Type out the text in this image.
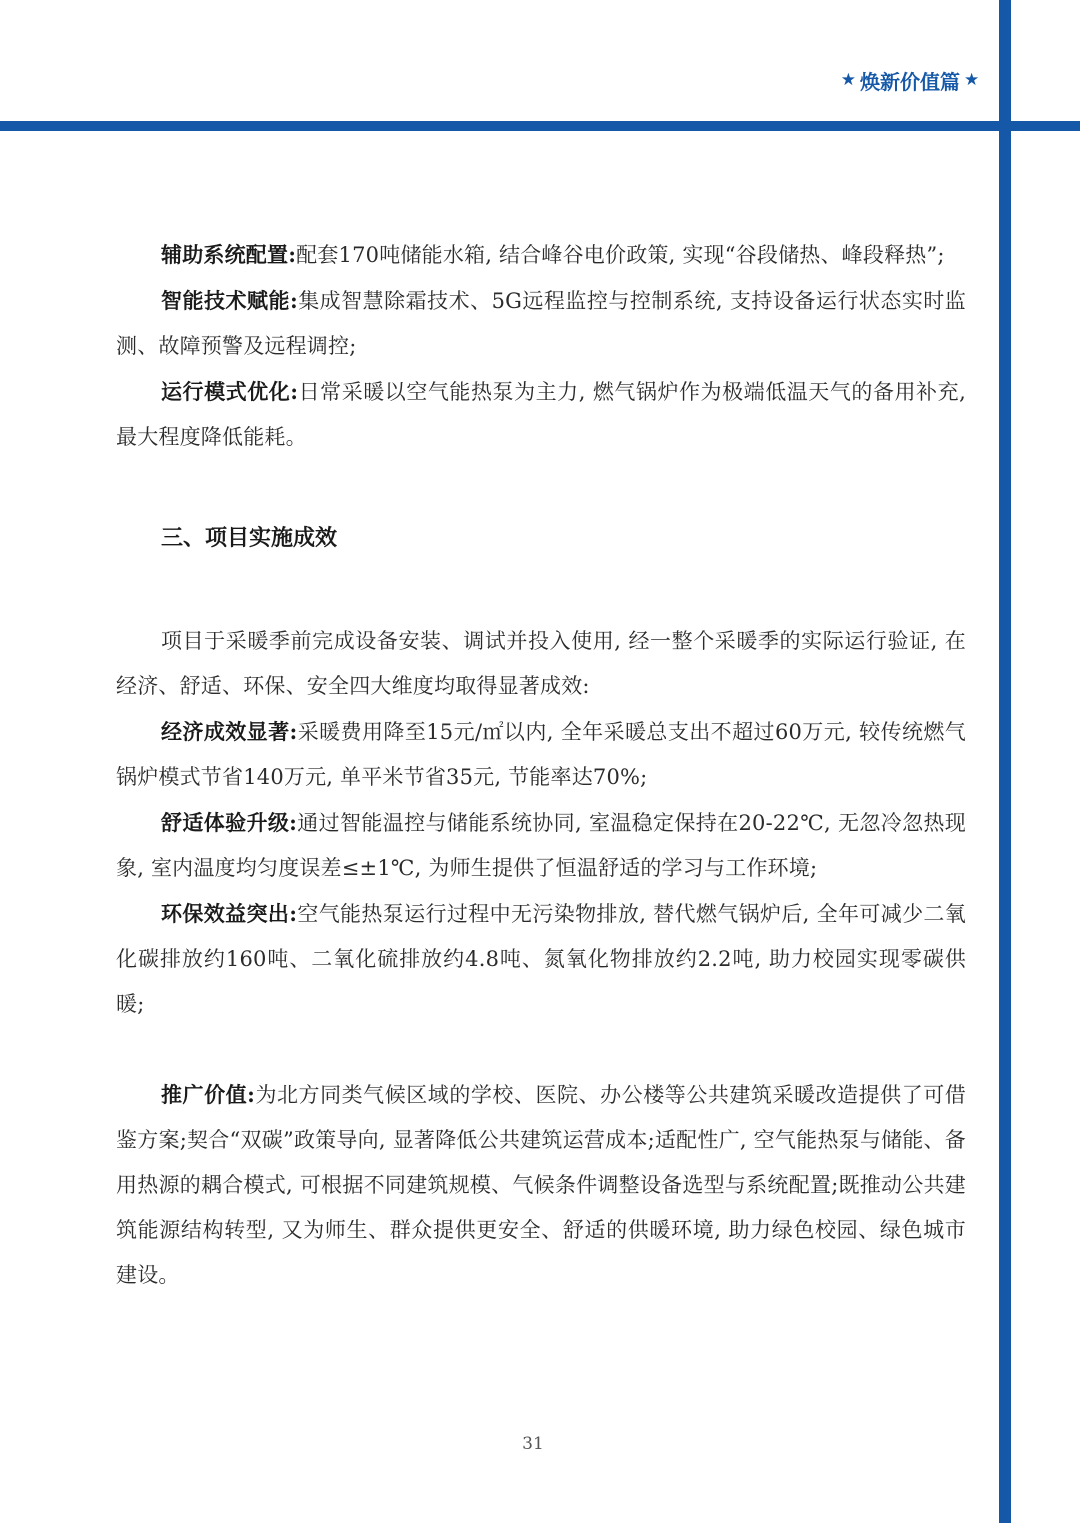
★ 焕新价值篇 ★

辅助系统配置:配套170吨储能水箱, 结合峰谷电价政策, 实现“谷段储热、峰段释热”;

智能技术赋能:集成智慧除霜技术、5G远程监控与控制系统, 支持设备运行状态实时监测、故障预警及远程调控;

运行模式优化:日常采暖以空气能热泵为主力, 燃气锅炉作为极端低温天气的备用补充, 最大程度降低能耗。

三、项目实施成效

项目于采暖季前完成设备安装、调试并投入使用, 经一整个采暖季的实际运行验证, 在经济、舒适、环保、安全四大维度均取得显著成效:

经济成效显著:采暖费用降至15元/㎡以内, 全年采暖总支出不超过60万元, 较传统燃气锅炉模式节省140万元, 单平米节省35元, 节能率达70%;

舒适体验升级:通过智能温控与储能系统协同, 室温稳定保持在20-22℃, 无忽冷忽热现象, 室内温度均匀度误差≤±1℃, 为师生提供了恒温舒适的学习与工作环境;

环保效益突出:空气能热泵运行过程中无污染物排放, 替代燃气锅炉后, 全年可减少二氧化碳排放约160吨、二氧化硫排放约4.8吨、氮氧化物排放约2.2吨, 助力校园实现零碳供暖;

推广价值:为北方同类气候区域的学校、医院、办公楼等公共建筑采暖改造提供了可借鉴方案;契合“双碳”政策导向, 显著降低公共建筑运营成本;适配性广, 空气能热泵与储能、备用热源的耦合模式, 可根据不同建筑规模、气候条件调整设备选型与系统配置;既推动公共建筑能源结构转型, 又为师生、群众提供更安全、舒适的供暖环境, 助力绿色校园、绿色城市建设。

31
